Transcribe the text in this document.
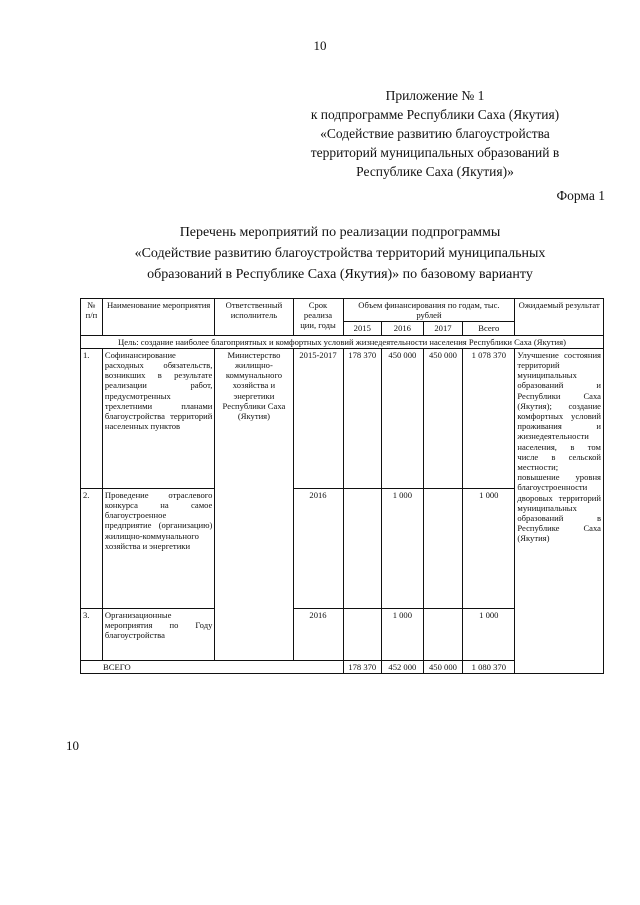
10
Приложение № 1
к подпрограмме Республики Саха (Якутия)
«Содействие развитию благоустройства
территорий муниципальных образований в
Республике Саха (Якутия)»
Форма 1
Перечень мероприятий по реализации подпрограммы
«Содействие развитию благоустройства территорий муниципальных
образований в Республике Саха (Якутия)» по базовому варианту
№ п/п	Наименование мероприятия	Ответственный исполнитель	Срок реализа ции, годы	Объем финансирования по годам, тыс. рублей				Ожидаемый результат
				2015	2016	2017	Всего	
Цель: создание наиболее благоприятных и комфортных условий жизнедеятельности населения Республики Саха (Якутия)								
1.	Софинансирование расходных обязательств, возникших в результате реализации работ, предусмотренных трехлетними планами благоустройства территорий населенных пунктов	Министерство жилищно-коммунального хозяйства и энергетики Республики Саха (Якутия)	2015-2017	178 370	450 000	450 000	1 078 370	Улучшение состояния территорий муниципальных образований и Республики Саха (Якутия); создание комфортных условий проживания и жизнедеятельности населения, в том числе в сельской местности; повышение уровня благоустроенности дворовых территорий муниципальных образований в Республике Саха (Якутия)
2.	Проведение отраслевого конкурса на самое благоустроенное предприятие (организацию) жилищно-коммунального хозяйства и энергетики		2016		1 000		1 000	
3.	Организационные мероприятия по Году благоустройства		2016		1 000		1 000	
ВСЕГО				178 370	452 000	450 000	1 080 370	
10
